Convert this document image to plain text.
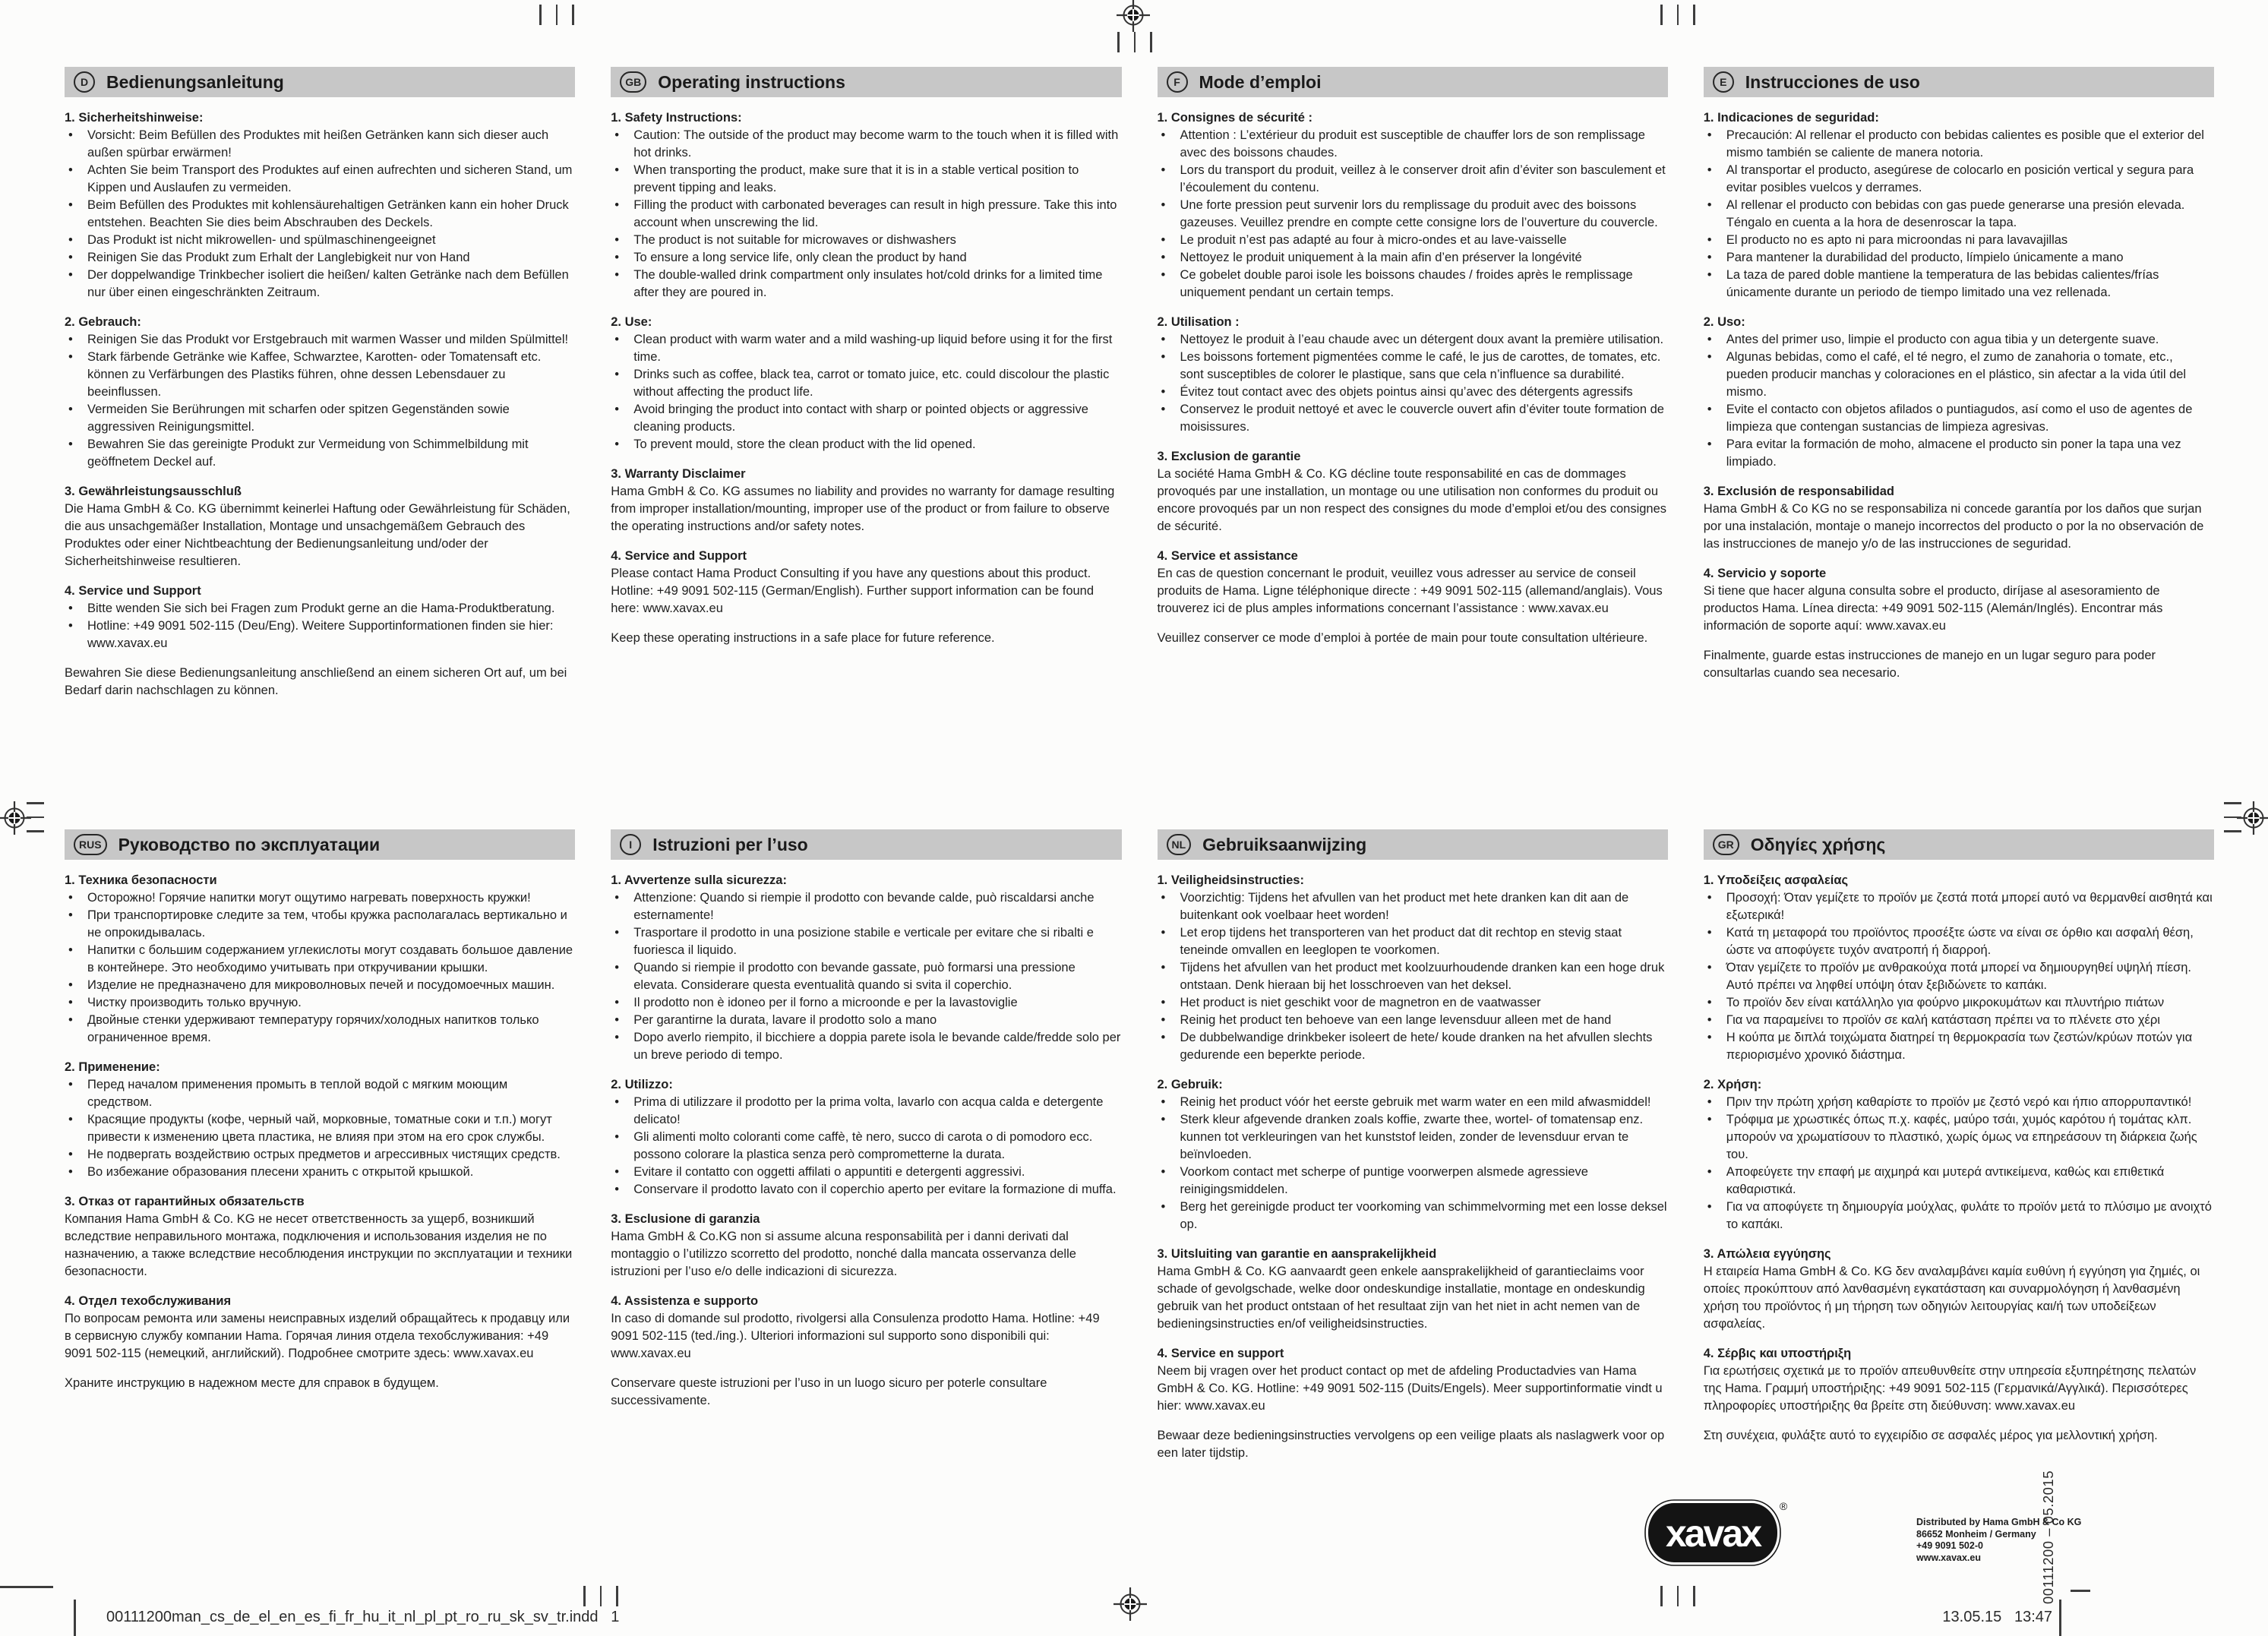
D	Bedienungsanleitung
1. Sicherheitshinweise:
•	Vorsicht: Beim Befüllen des Produktes mit heißen Getränken kann sich dieser auch außen spürbar erwärmen!
•	Achten Sie beim Transport des Produktes auf einen aufrechten und sicheren Stand, um Kippen und Auslaufen zu vermeiden.
•	Beim Befüllen des Produktes mit kohlensäurehaltigen Getränken kann ein hoher Druck entstehen. Beachten Sie dies beim Abschrauben des Deckels.
•	Das Produkt ist nicht mikrowellen- und spülmaschinengeeignet
•	Reinigen Sie das Produkt zum Erhalt der Langlebigkeit nur von Hand
•	Der doppelwandige Trinkbecher isoliert die heißen/ kalten Getränke nach dem Befüllen nur über einen eingeschränkten Zeitraum.
2. Gebrauch:
•	Reinigen Sie das Produkt vor Erstgebrauch mit warmen Wasser und milden Spülmittel!
•	Stark färbende Getränke wie Kaffee, Schwarztee, Karotten- oder Tomatensaft etc. können zu Verfärbungen des Plastiks führen, ohne dessen Lebensdauer zu beeinflussen.
•	Vermeiden Sie Berührungen mit scharfen oder spitzen Gegenständen sowie aggressiven Reinigungsmittel.
•	Bewahren Sie das gereinigte Produkt zur Vermeidung von Schimmelbildung mit geöffnetem Deckel auf.
3. Gewährleistungsausschluß
Die Hama GmbH & Co. KG übernimmt keinerlei Haftung oder Gewährleistung für Schäden, die aus unsachgemäßer Installation, Montage und unsachgemäßem Gebrauch des Produktes oder einer Nichtbeachtung der Bedienungsanleitung und/oder der Sicherheitshinweise resultieren.
4. Service und Support
•	Bitte wenden Sie sich bei Fragen zum Produkt gerne an die Hama-Produktberatung.
•	Hotline: +49 9091 502-115 (Deu/Eng). Weitere Supportinformationen finden sie hier: www.xavax.eu
Bewahren Sie diese Bedienungsanleitung anschließend an einem sicheren Ort auf, um bei Bedarf darin nachschlagen zu können.
GB Operating instructions
1. Safety Instructions:
•	Caution: The outside of the product may become warm to the touch when it is filled with hot drinks.
•	When transporting the product, make sure that it is in a stable vertical position to prevent tipping and leaks.
•	Filling the product with carbonated beverages can result in high pressure. Take this into account when unscrewing the lid.
•	The product is not suitable for microwaves or dishwashers
•	To ensure a long service life, only clean the product by hand
•	The double-walled drink compartment only insulates hot/cold drinks for a limited time after they are poured in.
2. Use:
•	Clean product with warm water and a mild washing-up liquid before using it for the first time.
•	Drinks such as coffee, black tea, carrot or tomato juice, etc. could discolour the plastic without affecting the product life.
•	Avoid bringing the product into contact with sharp or pointed objects or aggressive cleaning products.
•	To prevent mould, store the clean product with the lid opened.
3. Warranty Disclaimer
Hama GmbH & Co. KG assumes no liability and provides no warranty for damage resulting from improper installation/mounting, improper use of the product or from failure to observe the operating instructions and/or safety notes.
4. Service and Support
Please contact Hama Product Consulting if you have any questions about this product. Hotline: +49 9091 502-115 (German/English). Further support information can be found here: www.xavax.eu
Keep these operating instructions in a safe place for future reference.
F	Mode d’emploi
1. Consignes de sécurité :
•	Attention : L’extérieur du produit est susceptible de chauffer lors de son remplissage avec des boissons chaudes.
•	Lors du transport du produit, veillez à le conserver droit afin d’éviter son basculement et l’écoulement du contenu.
•	Une forte pression peut survenir lors du remplissage du produit avec des boissons gazeuses. Veuillez prendre en compte cette consigne lors de l’ouverture du couvercle.
•	Le produit n’est pas adapté au four à micro-ondes et au lave-vaisselle
•	Nettoyez le produit uniquement à la main afin d’en préserver la longévité
•	Ce gobelet double paroi isole les boissons chaudes / froides après le remplissage uniquement pendant un certain temps.
2. Utilisation :
•	Nettoyez le produit à l’eau chaude avec un détergent doux avant la première utilisation.
•	Les boissons fortement pigmentées comme le café, le jus de carottes, de tomates, etc. sont susceptibles de colorer le plastique, sans que cela n’influence sa durabilité.
•	Évitez tout contact avec des objets pointus ainsi qu’avec des détergents agressifs
•	Conservez le produit nettoyé et avec le couvercle ouvert afin d’éviter toute formation de moisissures.
3. Exclusion de garantie
La société Hama GmbH & Co. KG décline toute responsabilité en cas de dommages provoqués par une installation, un montage ou une utilisation non conformes du produit ou encore provoqués par un non respect des consignes du mode d’emploi et/ou des consignes de sécurité.
4. Service et assistance
En cas de question concernant le produit, veuillez vous adresser au service de conseil produits de Hama. Ligne téléphonique directe : +49 9091 502-115 (allemand/anglais). Vous trouverez ici de plus amples informations concernant l’assistance : www.xavax.eu
Veuillez conserver ce mode d’emploi à portée de main pour toute consultation ultérieure.
E	Instrucciones de uso
1. Indicaciones de seguridad:
•	Precaución: Al rellenar el producto con bebidas calientes es posible que el exterior del mismo también se caliente de manera notoria.
•	Al transportar el producto, asegúrese de colocarlo en posición vertical y segura para evitar posibles vuelcos y derrames.
•	Al rellenar el producto con bebidas con gas puede generarse una presión elevada. Téngalo en cuenta a la hora de desenroscar la tapa.
•	El producto no es apto ni para microondas ni para lavavajillas
•	Para mantener la durabilidad del producto, límpielo únicamente a mano
•	La taza de pared doble mantiene la temperatura de las bebidas calientes/frías únicamente durante un periodo de tiempo limitado una vez rellenada.
2. Uso:
•	Antes del primer uso, limpie el producto con agua tibia y un detergente suave.
•	Algunas bebidas, como el café, el té negro, el zumo de zanahoria o tomate, etc., pueden producir manchas y coloraciones en el plástico, sin afectar a la vida útil del mismo.
•	Evite el contacto con objetos afilados o puntiagudos, así como el uso de agentes de limpieza que contengan sustancias de limpieza agresivas.
•	Para evitar la formación de moho, almacene el producto sin poner la tapa una vez limpiado.
3. Exclusión de responsabilidad
Hama GmbH & Co KG no se responsabiliza ni concede garantía por los daños que surjan por una instalación, montaje o manejo incorrectos del producto o por la no observación de las instrucciones de manejo y/o de las instrucciones de seguridad.
4. Servicio y soporte
Si tiene que hacer alguna consulta sobre el producto, diríjase al asesoramiento de productos Hama. Línea directa: +49 9091 502-115 (Alemán/Inglés). Encontrar más información de soporte aquí: www.xavax.eu
Finalmente, guarde estas instrucciones de manejo en un lugar seguro para poder consultarlas cuando sea necesario.
RUS Руководство по эксплуатации
1. Техника безопасности
•	Осторожно! Горячие напитки могут ощутимо нагревать поверхность кружки!
•	При транспортировке следите за тем, чтобы кружка располагалась вертикально и не опрокидывалась.
•	Напитки с большим содержанием углекислоты могут создавать большое давление в контейнере. Это необходимо учитывать при откручивании крышки.
•	Изделие не предназначено для микроволновых печей и посудомоечных машин.
•	Чистку производить только вручную.
•	Двойные стенки удерживают температуру горячих/холодных напитков только ограниченное время.
2. Применение:
•	Перед началом применения промыть в теплой водой с мягким моющим средством.
•	Красящие продукты (кофе, черный чай, морковные, томатные соки и т.п.) могут привести к изменению цвета пластика, не влияя при этом на его срок службы.
•	Не подвергать воздействию острых предметов и агрессивных чистящих средств.
•	Во избежание образования плесени хранить с открытой крышкой.
3. Отказ от гарантийных обязательств
Компания Hama GmbH & Co. KG не несет ответственность за ущерб, возникший вследствие неправильного монтажа, подключения и использования изделия не по назначению, а также вследствие несоблюдения инструкции по эксплуатации и техники безопасности.
4. Отдел техобслуживания
По вопросам ремонта или замены неисправных изделий обращайтесь к продавцу или в сервисную службу компании Hama. Горячая линия отдела техобслуживания: +49 9091 502-115 (немецкий, английский). Подробнее смотрите здесь: www.xavax.eu
Храните инструкцию в надежном месте для справок в будущем.
I	Istruzioni per l’uso
1. Avvertenze sulla sicurezza:
•	Attenzione: Quando si riempie il prodotto con bevande calde, può riscaldarsi anche esternamente!
•	Trasportare il prodotto in una posizione stabile e verticale per evitare che si ribalti e fuoriesca il liquido.
•	Quando si riempie il prodotto con bevande gassate, può formarsi una pressione elevata. Considerare questa eventualità quando si svita il coperchio.
•	Il prodotto non è idoneo per il forno a microonde e per la lavastoviglie
•	Per garantirne la durata, lavare il prodotto solo a mano
•	Dopo averlo riempito, il bicchiere a doppia parete isola le bevande calde/fredde solo per un breve periodo di tempo.
2. Utilizzo:
•	Prima di utilizzare il prodotto per la prima volta, lavarlo con acqua calda e detergente delicato!
•	Gli alimenti molto coloranti come caffè, tè nero, succo di carota o di pomodoro ecc. possono colorare la plastica senza però comprometterne la durata.
•	Evitare il contatto con oggetti affilati o appuntiti e detergenti aggressivi.
•	Conservare il prodotto lavato con il coperchio aperto per evitare la formazione di muffa.
3. Esclusione di garanzia
Hama GmbH & Co.KG non si assume alcuna responsabilità per i danni derivati dal montaggio o l’utilizzo scorretto del prodotto, nonché dalla mancata osservanza delle istruzioni per l’uso e/o delle indicazioni di sicurezza.
4. Assistenza e supporto
In caso di domande sul prodotto, rivolgersi alla Consulenza prodotto Hama. Hotline: +49 9091 502-115 (ted./ing.). Ulteriori informazioni sul supporto sono disponibili qui: www.xavax.eu
Conservare queste istruzioni per l’uso in un luogo sicuro per poterle consultare successivamente.
NL Gebruiksaanwijzing
1. Veiligheidsinstructies:
•	Voorzichtig: Tijdens het afvullen van het product met hete dranken kan dit aan de buitenkant ook voelbaar heet worden!
•	Let erop tijdens het transporteren van het product dat dit rechtop en stevig staat teneinde omvallen en leeglopen te voorkomen.
•	Tijdens het afvullen van het product met koolzuurhoudende dranken kan een hoge druk ontstaan. Denk hieraan bij het losschroeven van het deksel.
•	Het product is niet geschikt voor de magnetron en de vaatwasser
•	Reinig het product ten behoeve van een lange levensduur alleen met de hand
•	De dubbelwandige drinkbeker isoleert de hete/ koude dranken na het afvullen slechts gedurende een beperkte periode.
2. Gebruik:
•	Reinig het product vóór het eerste gebruik met warm water en een mild afwasmiddel!
•	Sterk kleur afgevende dranken zoals koffie, zwarte thee, wortel- of tomatensap enz. kunnen tot verkleuringen van het kunststof leiden, zonder de levensduur ervan te beïnvloeden.
•	Voorkom contact met scherpe of puntige voorwerpen alsmede agressieve reinigingsmiddelen.
•	Berg het gereinigde product ter voorkoming van schimmelvorming met een losse deksel op.
3. Uitsluiting van garantie en aansprakelijkheid
Hama GmbH & Co. KG aanvaardt geen enkele aansprakelijkheid of garantieclaims voor schade of gevolgschade, welke door ondeskundige installatie, montage en ondeskundig gebruik van het product ontstaan of het resultaat zijn van het niet in acht nemen van de bedieningsinstructies en/of veiligheidsinstructies.
4. Service en support
Neem bij vragen over het product contact op met de afdeling Productadvies van Hama GmbH & Co. KG. Hotline: +49 9091 502-115 (Duits/Engels). Meer supportinformatie vindt u hier: www.xavax.eu
Bewaar deze bedieningsinstructies vervolgens op een veilige plaats als naslagwerk voor op een later tijdstip.
GR Οδηγίες χρήσης
1. Υποδείξεις ασφαλείας
•	Προσοχή: Όταν γεμίζετε το προϊόν με ζεστά ποτά μπορεί αυτό να θερμανθεί αισθητά και εξωτερικά!
•	Κατά τη μεταφορά του προϊόντος προσέξτε ώστε να είναι σε όρθιο και ασφαλή θέση, ώστε να αποφύγετε τυχόν ανατροπή ή διαρροή.
•	Όταν γεμίζετε το προϊόν με ανθρακούχα ποτά μπορεί να δημιουργηθεί υψηλή πίεση. Αυτό πρέπει να ληφθεί υπόψη όταν ξεβιδώνετε το καπάκι.
•	Το προϊόν δεν είναι κατάλληλο για φούρνο μικροκυμάτων και πλυντήριο πιάτων
•	Για να παραμείνει το προϊόν σε καλή κατάσταση πρέπει να το πλένετε στο χέρι
•	Η κούπα με διπλά τοιχώματα διατηρεί τη θερμοκρασία των ζεστών/κρύων ποτών για περιορισμένο χρονικό διάστημα.
2. Χρήση:
•	Πριν την πρώτη χρήση καθαρίστε το προϊόν με ζεστό νερό και ήπιο απορρυπαντικό!
•	Τρόφιμα με χρωστικές όπως π.χ. καφές, μαύρο τσάι, χυμός καρότου ή τομάτας κλπ. μπορούν να χρωματίσουν το πλαστικό, χωρίς όμως να επηρεάσουν τη διάρκεια ζωής του.
•	Αποφεύγετε την επαφή με αιχμηρά και μυτερά αντικείμενα, καθώς και επιθετικά καθαριστικά.
•	Για να αποφύγετε τη δημιουργία μούχλας, φυλάτε το προϊόν μετά το πλύσιμο με ανοιχτό το καπάκι.
3. Απώλεια εγγύησης
Η εταιρεία Hama GmbH & Co. KG δεν αναλαμβάνει καμία ευθύνη ή εγγύηση για ζημιές, οι οποίες προκύπτουν από λανθασμένη εγκατάσταση και συναρμολόγηση ή λανθασμένη χρήση του προϊόντος ή μη τήρηση των οδηγιών λειτουργίας και/ή των υποδείξεων ασφαλείας.
4. Σέρβις και υποστήριξη
Για ερωτήσεις σχετικά με το προϊόν απευθυνθείτε στην υπηρεσία εξυπηρέτησης πελατών της Hama. Γραμμή υποστήριξης: +49 9091 502-115 (Γερμανικά/Αγγλικά). Περισσότερες πληροφορίες υποστήριξης θα βρείτε στη διεύθυνση: www.xavax.eu
Στη συνέχεια, φυλάξτε αυτό το εγχειρίδιο σε ασφαλές μέρος για μελλοντική χρήση.
xavax
®
Distributed by Hama GmbH & Co KG
86652 Monheim / Germany
+49 9091 502-0
www.xavax.eu	00111200 – 05.2015
00111200man_cs_de_el_en_es_fi_fr_hu_it_nl_pl_pt_ro_ru_sk_sv_tr.indd   1	13.05.15   13:47
